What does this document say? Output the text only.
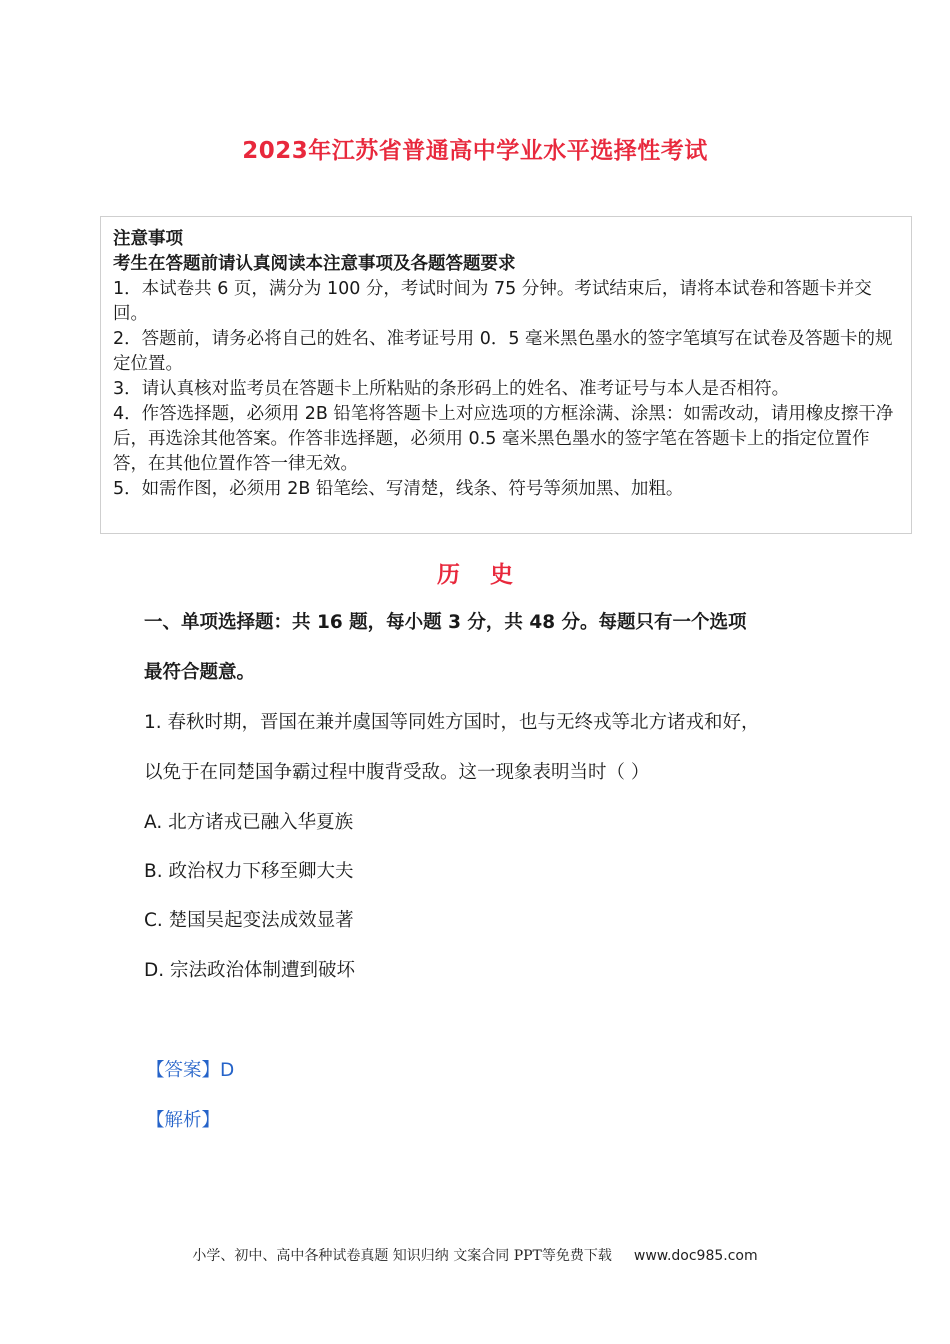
2023年江苏省普通高中学业水平选择性考试

注意事项

考生在答题前请认真阅读本注意事项及各题答题要求

1．本试卷共 6 页，满分为 100 分，考试时间为 75 分钟。考试结束后，请将本试卷和答题卡并交回。

2．答题前，请务必将自己的姓名、准考证号用 0．5 毫米黑色墨水的签字笔填写在试卷及答题卡的规定位置。

3．请认真核对监考员在答题卡上所粘贴的条形码上的姓名、准考证号与本人是否相符。

4．作答选择题，必须用 2B 铅笔将答题卡上对应选项的方框涂满、涂黑：如需改动，请用橡皮擦干净后，再选涂其他答案。作答非选择题，必须用 0.5 毫米黑色墨水的签字笔在答题卡上的指定位置作答，在其他位置作答一律无效。

5．如需作图，必须用 2B 铅笔绘、写清楚，线条、符号等须加黑、加粗。

历 史
一、单项选择题：共 16 题，每小题 3 分，共 48 分。每题只有一个选项
最符合题意。
1. 春秋时期，晋国在兼并虞国等同姓方国时，也与无终戎等北方诸戎和好，
以免于在同楚国争霸过程中腹背受敌。这一现象表明当时（ ）
A. 北方诸戎已融入华夏族
B. 政治权力下移至卿大夫
C. 楚国吴起变法成效显著
D. 宗法政治体制遭到破坏
【答案】D
【解析】
小学、初中、高中各种试卷真题 知识归纳 文案合同 PPT等免费下载 www.doc985.com
